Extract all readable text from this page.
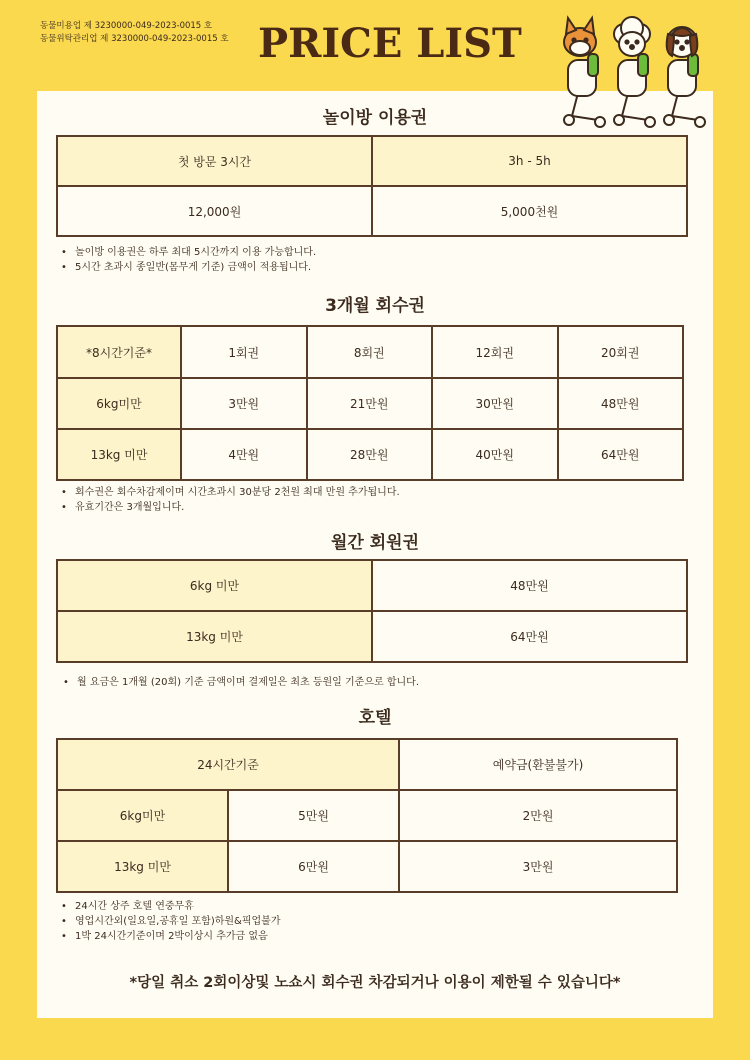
동물미용업 제 3230000-049-2023-0015 호
동물위탁관리업 제 3230000-049-2023-0015 호 PRICE LIST
놀이방 이용권
첫 방문 3시간	3h - 5h
12,000원	5,000천원
• 놀이방 이용권은 하루 최대 5시간까지 이용 가능합니다.
• 5시간 초과시 종일반(몸무게 기준) 금액이 적용됩니다.
3개월 회수권
*8시간기준*	1회권	8회권	12회권	20회권
6kg미만	3만원	21만원	30만원	48만원
13kg 미만	4만원	28만원	40만원	64만원
• 회수권은 회수차감제이며 시간초과시 30분당 2천원 최대 만원 추가됩니다.
• 유효기간은 3개월입니다.
월간 회원권
6kg 미만	48만원
13kg 미만	64만원
• 월 요금은 1개월 (20회) 기준 금액이며 결제일은 최초 등원일 기준으로 합니다.
호텔
24시간기준		예약금(환불불가)
6kg미만	5만원	2만원
13kg 미만	6만원	3만원
• 24시간 상주 호텔 연중무휴
• 영업시간외(일요일,공휴일 포함)하원&픽업불가
• 1박 24시간기준이며 2박이상시 추가금 없음
*당일 취소 2회이상및 노쇼시 회수권 차감되거나 이용이 제한될 수 있습니다*
